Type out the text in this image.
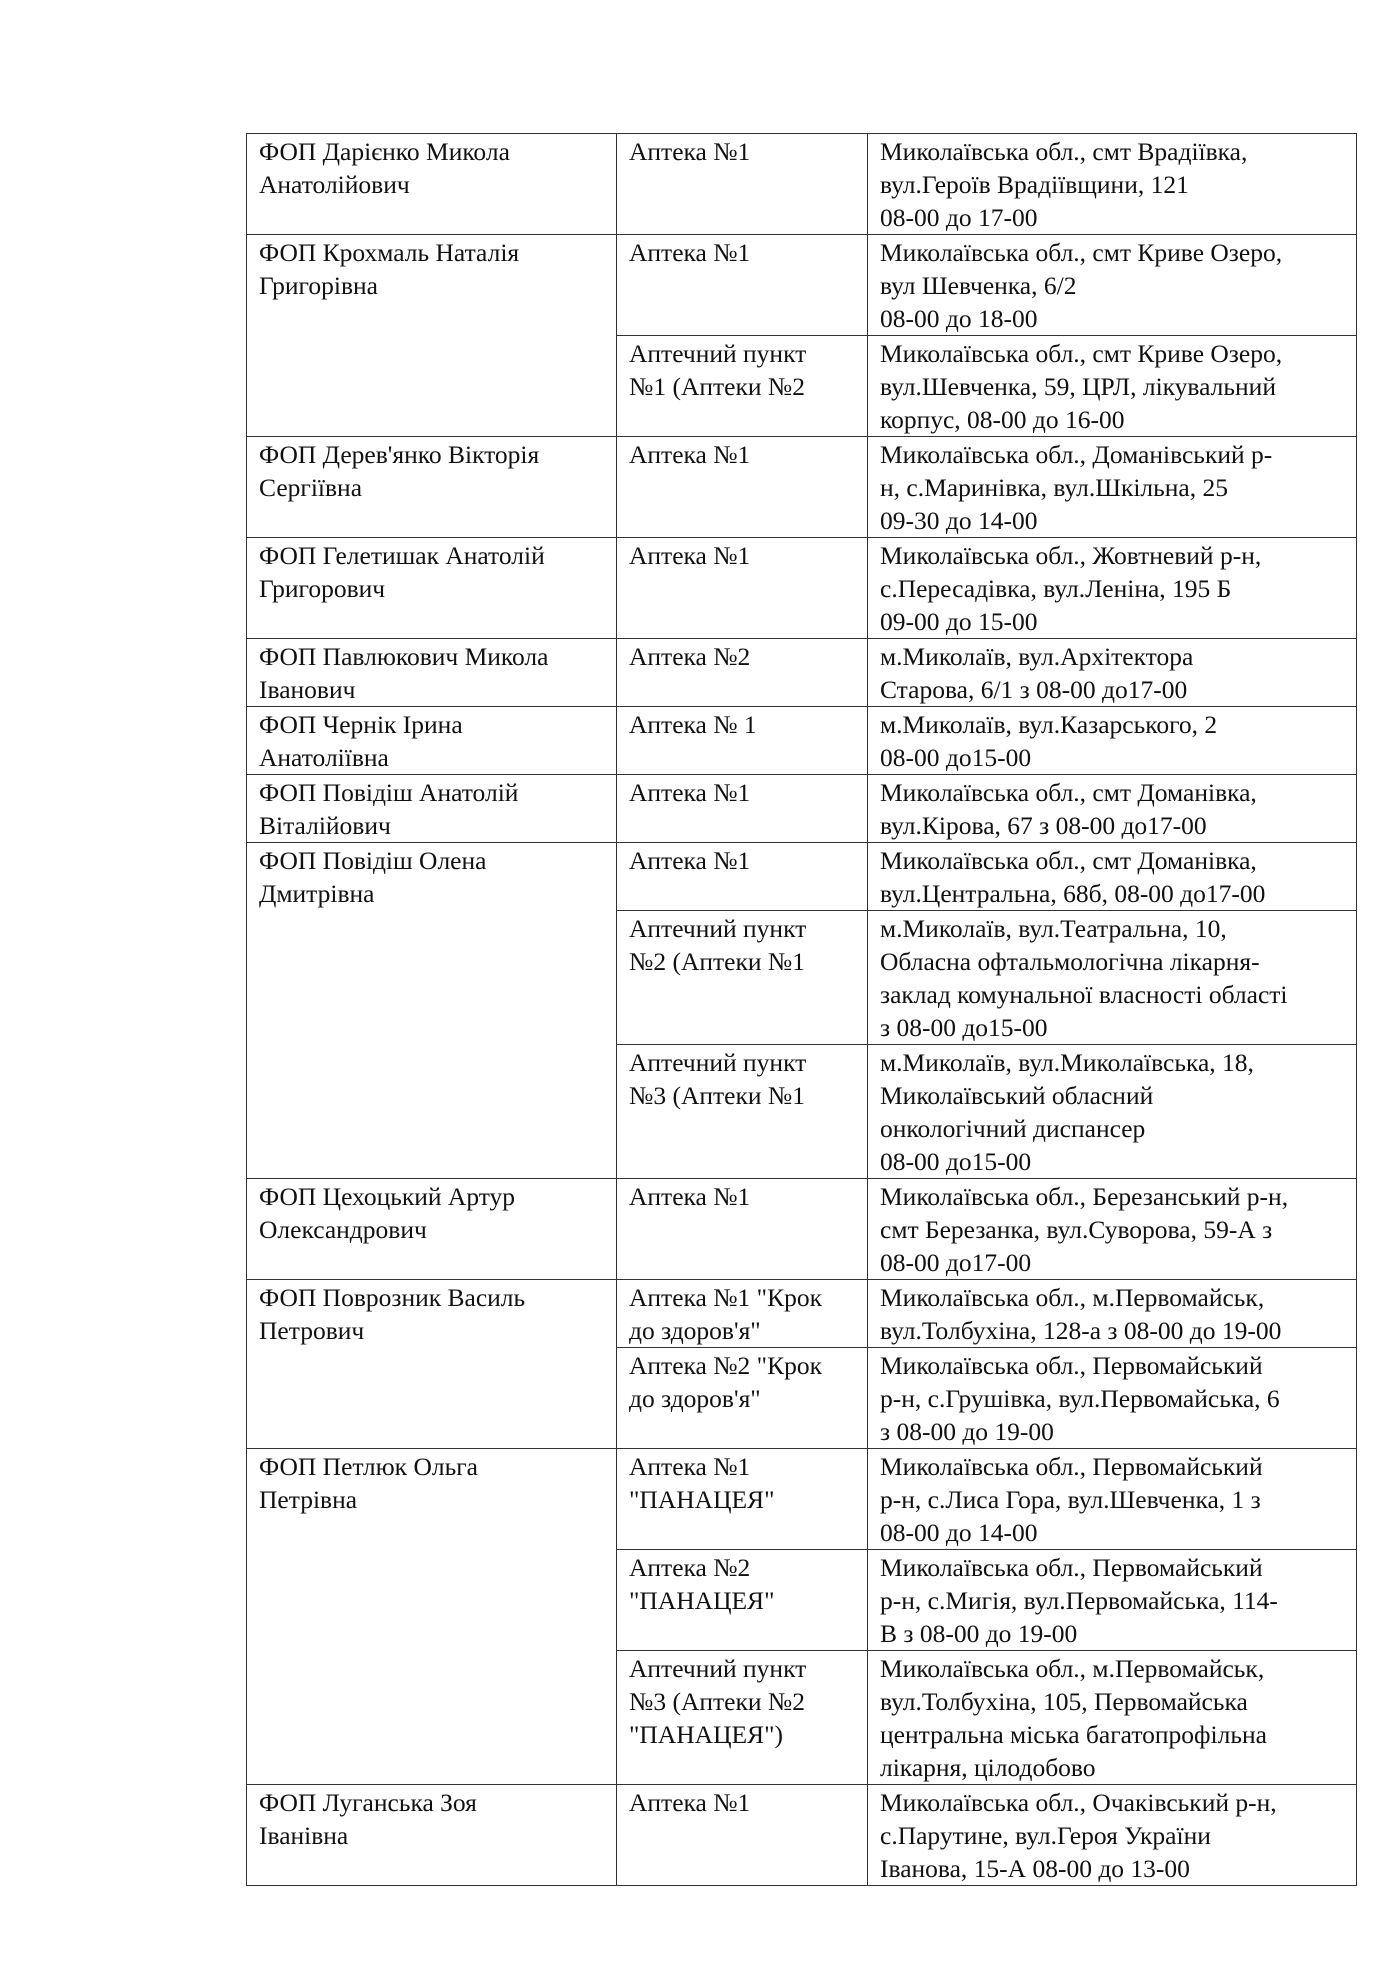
ФОП Дарієнко Микола
Анатолійович	Аптека №1	Миколаївська обл., смт Врадіївка,
вул.Героїв Врадіївщини, 121
08-00 до 17-00
ФОП Крохмаль Наталія
Григорівна	Аптека №1	Миколаївська обл., смт Криве Озеро,
вул Шевченка, 6/2
08-00 до 18-00
	Аптечний пункт
№1 (Аптеки №2	Миколаївська обл., смт Криве Озеро,
вул.Шевченка, 59, ЦРЛ, лікувальний
корпус, 08-00 до 16-00
ФОП Дерев'янко Вікторія
Сергіївна	Аптека №1	Миколаївська обл., Доманівський р-
н, с.Маринівка, вул.Шкільна, 25
09-30 до 14-00
ФОП Гелетишак Анатолій
Григорович	Аптека №1	Миколаївська обл., Жовтневий р-н,
с.Пересадівка, вул.Леніна, 195 Б
09-00 до 15-00
ФОП Павлюкович Микола
Іванович	Аптека №2	м.Миколаїв, вул.Архітектора
Старова, 6/1 з 08-00 до17-00
ФОП Чернік Ірина
Анатоліївна	Аптека № 1	м.Миколаїв, вул.Казарського, 2
08-00 до15-00
ФОП Повідіш Анатолій
Віталійович	Аптека №1	Миколаївська обл., смт Доманівка,
вул.Кірова, 67 з 08-00 до17-00
ФОП Повідіш Олена
Дмитрівна	Аптека №1	Миколаївська обл., смт Доманівка,
вул.Центральна, 68б, 08-00 до17-00
	Аптечний пункт
№2 (Аптеки №1	м.Миколаїв, вул.Театральна, 10,
Обласна офтальмологічна лікарня-
заклад комунальної власності області
з 08-00 до15-00
	Аптечний пункт
№3 (Аптеки №1	м.Миколаїв, вул.Миколаївська, 18,
Миколаївський обласний
онкологічний диспансер
08-00 до15-00
ФОП Цехоцький Артур
Олександрович	Аптека №1	Миколаївська обл., Березанський р-н,
смт Березанка, вул.Суворова, 59-А з
08-00 до17-00
ФОП Поврозник Василь
Петрович	Аптека №1 "Крок
до здоров'я"	Миколаївська обл., м.Первомайськ,
вул.Толбухіна, 128-а з 08-00 до 19-00
	Аптека №2 "Крок
до здоров'я"	Миколаївська обл., Первомайський
р-н, с.Грушівка, вул.Первомайська, 6
з 08-00 до 19-00
ФОП Петлюк Ольга
Петрівна	Аптека №1
"ПАНАЦЕЯ"	Миколаївська обл., Первомайський
р-н, с.Лиса Гора, вул.Шевченка, 1 з
08-00 до 14-00
	Аптека №2
"ПАНАЦЕЯ"	Миколаївська обл., Первомайський
р-н, с.Мигія, вул.Первомайська, 114-
В з 08-00 до 19-00
	Аптечний пункт
№3 (Аптеки №2
"ПАНАЦЕЯ")	Миколаївська обл., м.Первомайськ,
вул.Толбухіна, 105, Первомайська
центральна міська багатопрофільна
лікарня, цілодобово
ФОП Луганська Зоя
Іванівна	Аптека №1	Миколаївська обл., Очаківський р-н,
с.Парутине, вул.Героя України
Іванова, 15-А 08-00 до 13-00
